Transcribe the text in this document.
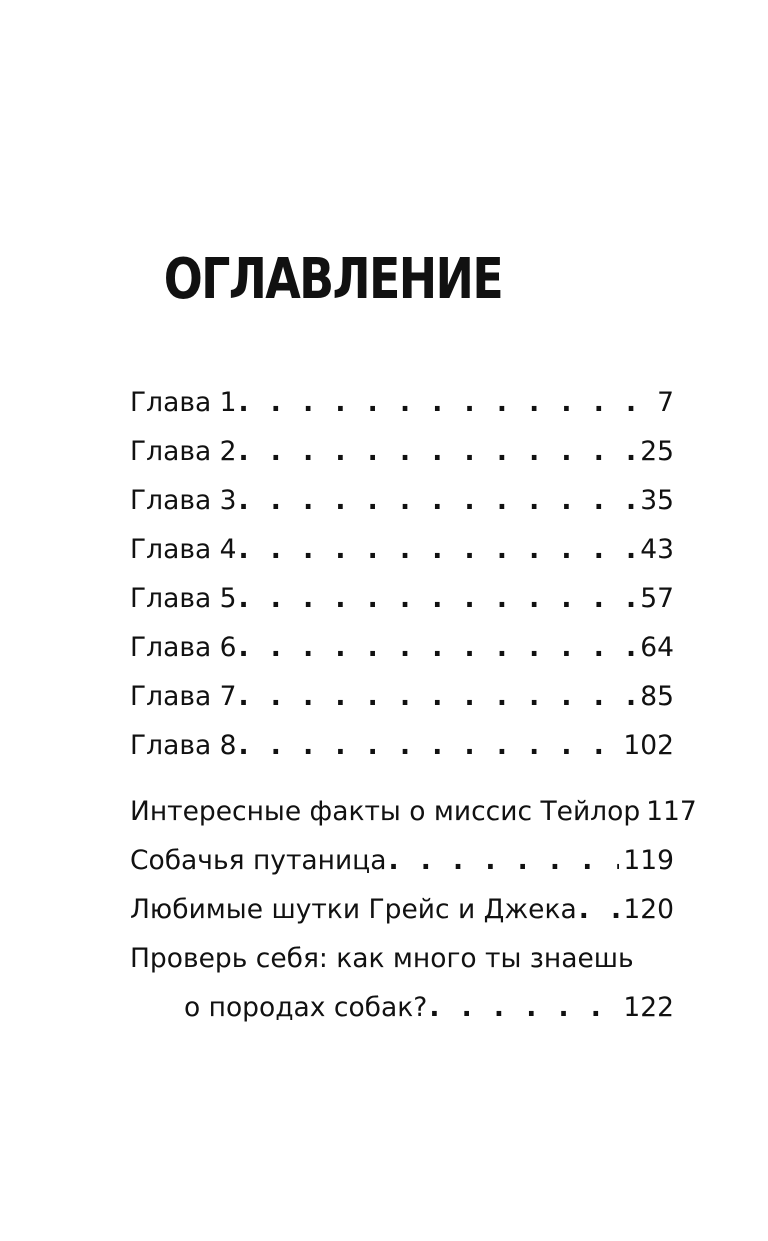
ОГЛАВЛЕНИЕ
Глава 1 . . .	7
Глава 2 . . .	25
Глава 3 . . .	35
Глава 4 . . .	43
Глава 5 . . .	57
Глава 6 . . .	64
Глава 7 . . .	85
Глава 8 . . .	102
Интересные факты о миссис Тейлор . . . 117
Собачья путаница . . .	119
Любимые шутки Грейс и Джека . . . 120
Проверь себя: как много ты знаешь
о породах собак? . . .	122
